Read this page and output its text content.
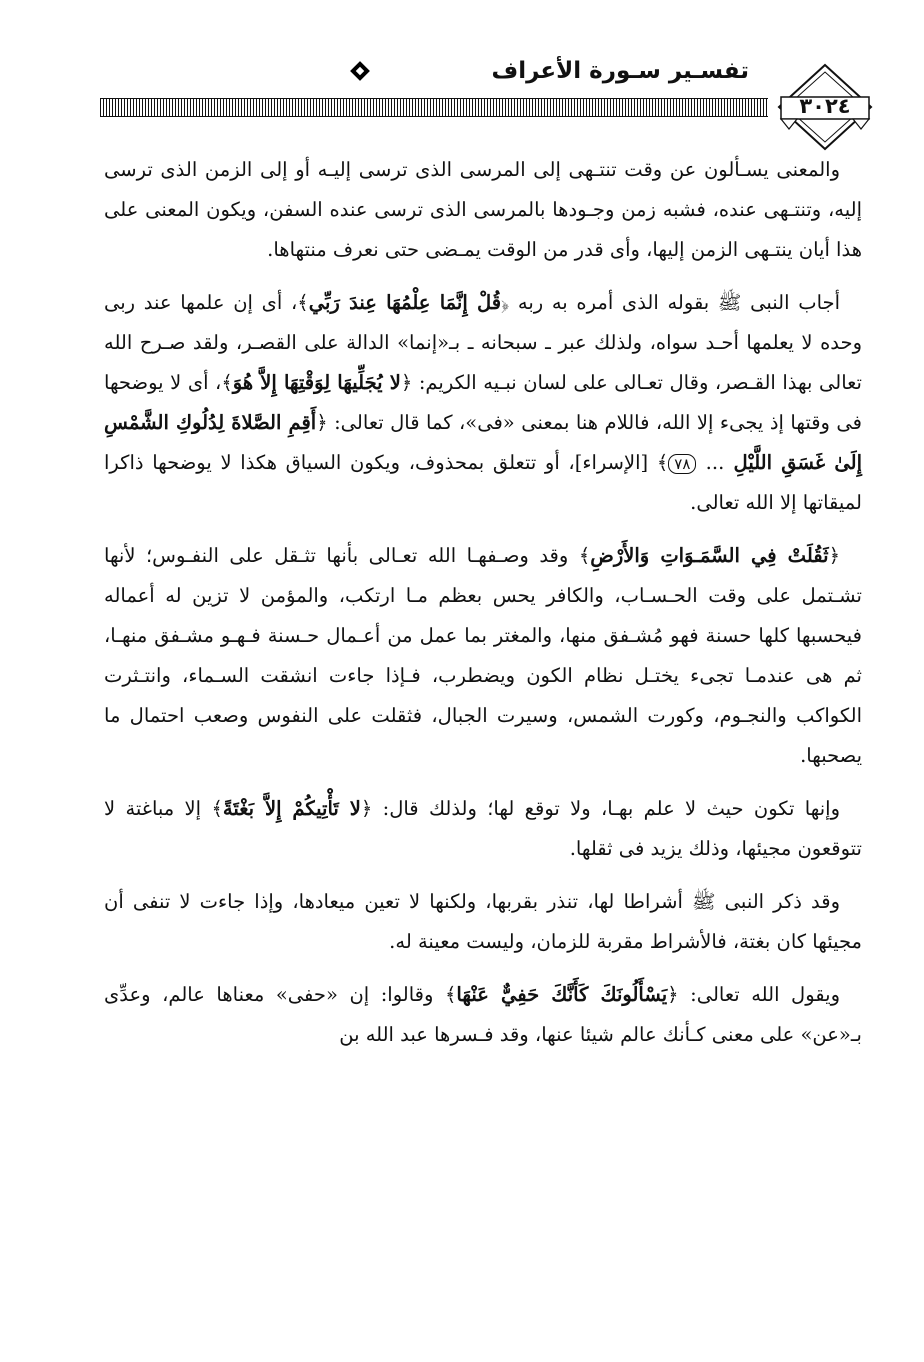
تفسـير سـورة الأعراف
٣٠٢٤

والمعنى يسـألون عن وقت تنتـهى إلى المرسى الذى ترسى إليـه أو إلى الزمن الذى ترسى إليه، وتنتـهى عنده، فشبه زمن وجـودها بالمرسى الذى ترسى عنده السفن، ويكون المعنى على هذا أيان ينتـهى الزمن إليها، وأى قدر من الوقت يمـضى حتى نعرف منتهاها.

أجاب النبى ﷺ بقوله الذى أمره به ربه ﴿قُلْ إِنَّمَا عِلْمُهَا عِندَ رَبِّي﴾، أى إن علمها عند ربى وحده لا يعلمها أحـد سواه، ولذلك عبر ـ سبحانه ـ بـ«إنما» الدالة على القصـر، ولقد صـرح الله تعالى بهذا القـصر، وقال تعـالى على لسان نبـيه الكريم: ﴿لا يُجَلِّيهَا لِوَقْتِهَا إِلاَّ هُوَ﴾، أى لا يوضحها فى وقتها إذ يجىء إلا الله، فاللام هنا بمعنى «فى»، كما قال تعالى: ﴿أَقِمِ الصَّلاةَ لِدُلُوكِ الشَّمْسِ إِلَىٰ غَسَقِ اللَّيْلِ ... ٧٨﴾ [الإسراء]، أو تتعلق بمحذوف، ويكون السياق هكذا لا يوضحها ذاكرا لميقاتها إلا الله تعالى.

﴿ثَقُلَتْ فِي السَّمَـوَاتِ وَالأَرْضِ﴾ وقد وصـفهـا الله تعـالى بأنها تثـقل على النفـوس؛ لأنها تشـتمل على وقت الحـسـاب، والكافر يحس بعظم مـا ارتكب، والمؤمن لا تزين له أعماله فيحسبها كلها حسنة فهو مُشـفق منها، والمغتر بما عمل من أعـمال حـسنة فـهـو مشـفق منهـا، ثم هى عندمـا تجىء يختـل نظام الكون ويضطرب، فـإذا جاءت انشقت السـماء، وانتـثرت الكواكب والنجـوم، وكورت الشمس، وسيرت الجبال، فثقلت على النفوس وصعب احتمال ما يصحبها.

وإنها تكون حيث لا علم بهـا، ولا توقع لها؛ ولذلك قال: ﴿لا تَأْتِيكُمْ إِلاَّ بَغْتَةً﴾ إلا مباغتة لا تتوقعون مجيئها، وذلك يزيد فى ثقلها.

وقد ذكر النبى ﷺ أشراطا لها، تنذر بقربها، ولكنها لا تعين ميعادها، وإذا جاءت لا تنفى أن مجيئها كان بغتة، فالأشراط مقربة للزمان، وليست معينة له.

ويقول الله تعالى: ﴿يَسْأَلُونَكَ كَأَنَّكَ حَفِيٌّ عَنْهَا﴾ وقالوا: إن «حفى» معناها عالم، وعدِّى بـ«عن» على معنى كـأنك عالم شيئا عنها، وقد فـسرها عبد الله بن
